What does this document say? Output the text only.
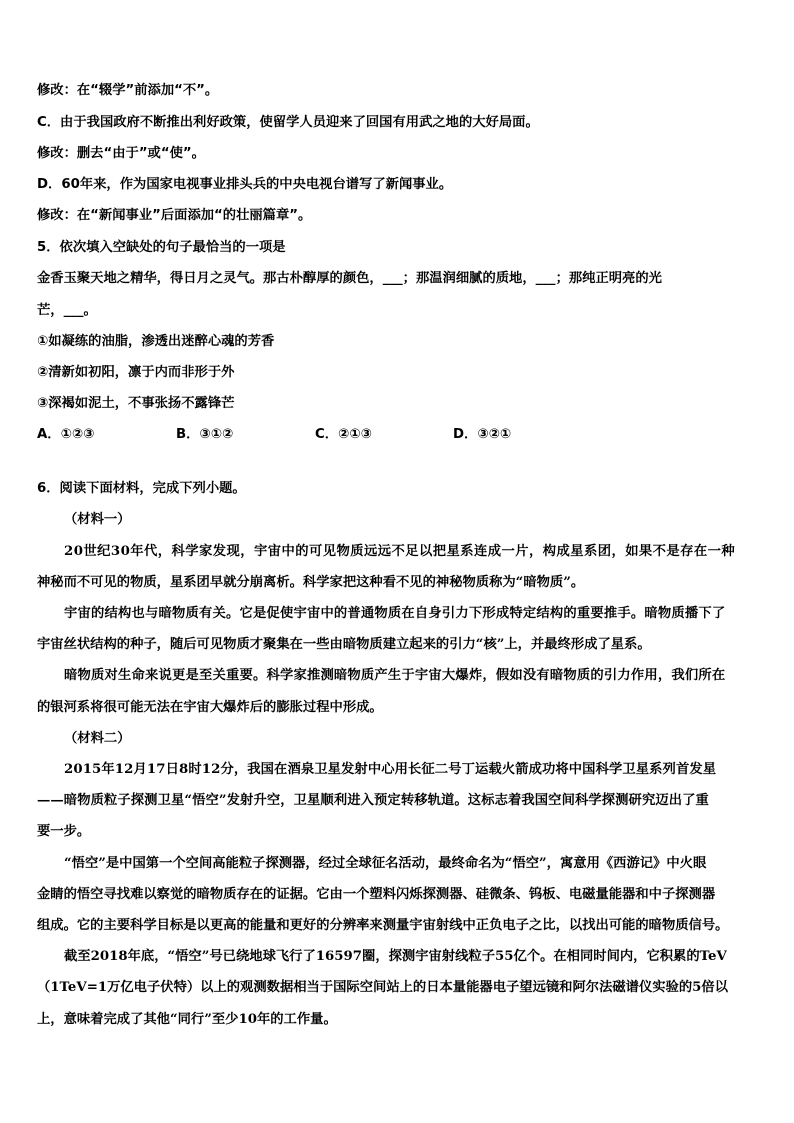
修改：在“辍学”前添加“不”。
C．由于我国政府不断推出利好政策，使留学人员迎来了回国有用武之地的大好局面。
修改：删去“由于”或“使”。
D．60年来，作为国家电视事业排头兵的中央电视台谱写了新闻事业。
修改：在“新闻事业”后面添加“的壮丽篇章”。
5．依次填入空缺处的句子最恰当的一项是
金香玉聚天地之精华，得日月之灵气。那古朴醇厚的颜色，___；那温润细腻的质地，___；那纯正明亮的光
芒，___。
①如凝练的油脂，渗透出迷醉心魂的芳香
②清新如初阳，凛于内而非形于外
③深褐如泥土，不事张扬不露锋芒
A．①②③	B．③①②	C．②①③	D．③②①
6．阅读下面材料，完成下列小题。
（材料一）
20世纪30年代，科学家发现，宇宙中的可见物质远远不足以把星系连成一片，构成星系团，如果不是存在一种
神秘而不可见的物质，星系团早就分崩离析。科学家把这种看不见的神秘物质称为“暗物质”。
宇宙的结构也与暗物质有关。它是促使宇宙中的普通物质在自身引力下形成特定结构的重要推手。暗物质播下了
宇宙丝状结构的种子，随后可见物质才聚集在一些由暗物质建立起来的引力“核”上，并最终形成了星系。
暗物质对生命来说更是至关重要。科学家推测暗物质产生于宇宙大爆炸，假如没有暗物质的引力作用，我们所在
的银河系将很可能无法在宇宙大爆炸后的膨胀过程中形成。
（材料二）
2015年12月17日8时12分，我国在酒泉卫星发射中心用长征二号丁运载火箭成功将中国科学卫星系列首发星
——暗物质粒子探测卫星“悟空”发射升空，卫星顺利进入预定转移轨道。这标志着我国空间科学探测研究迈出了重
要一步。
“悟空”是中国第一个空间高能粒子探测器，经过全球征名活动，最终命名为“悟空”，寓意用《西游记》中火眼
金睛的悟空寻找难以察觉的暗物质存在的证据。它由一个塑料闪烁探测器、硅微条、钨板、电磁量能器和中子探测器
组成。它的主要科学目标是以更高的能量和更好的分辨率来测量宇宙射线中正负电子之比，以找出可能的暗物质信号。
截至2018年底，“悟空”号已绕地球飞行了16597圈，探测宇宙射线粒子55亿个。在相同时间内，它积累的TeV
（1TeV=1万亿电子伏特）以上的观测数据相当于国际空间站上的日本量能器电子望远镜和阿尔法磁谱仪实验的5倍以
上，意味着完成了其他“同行”至少10年的工作量。
